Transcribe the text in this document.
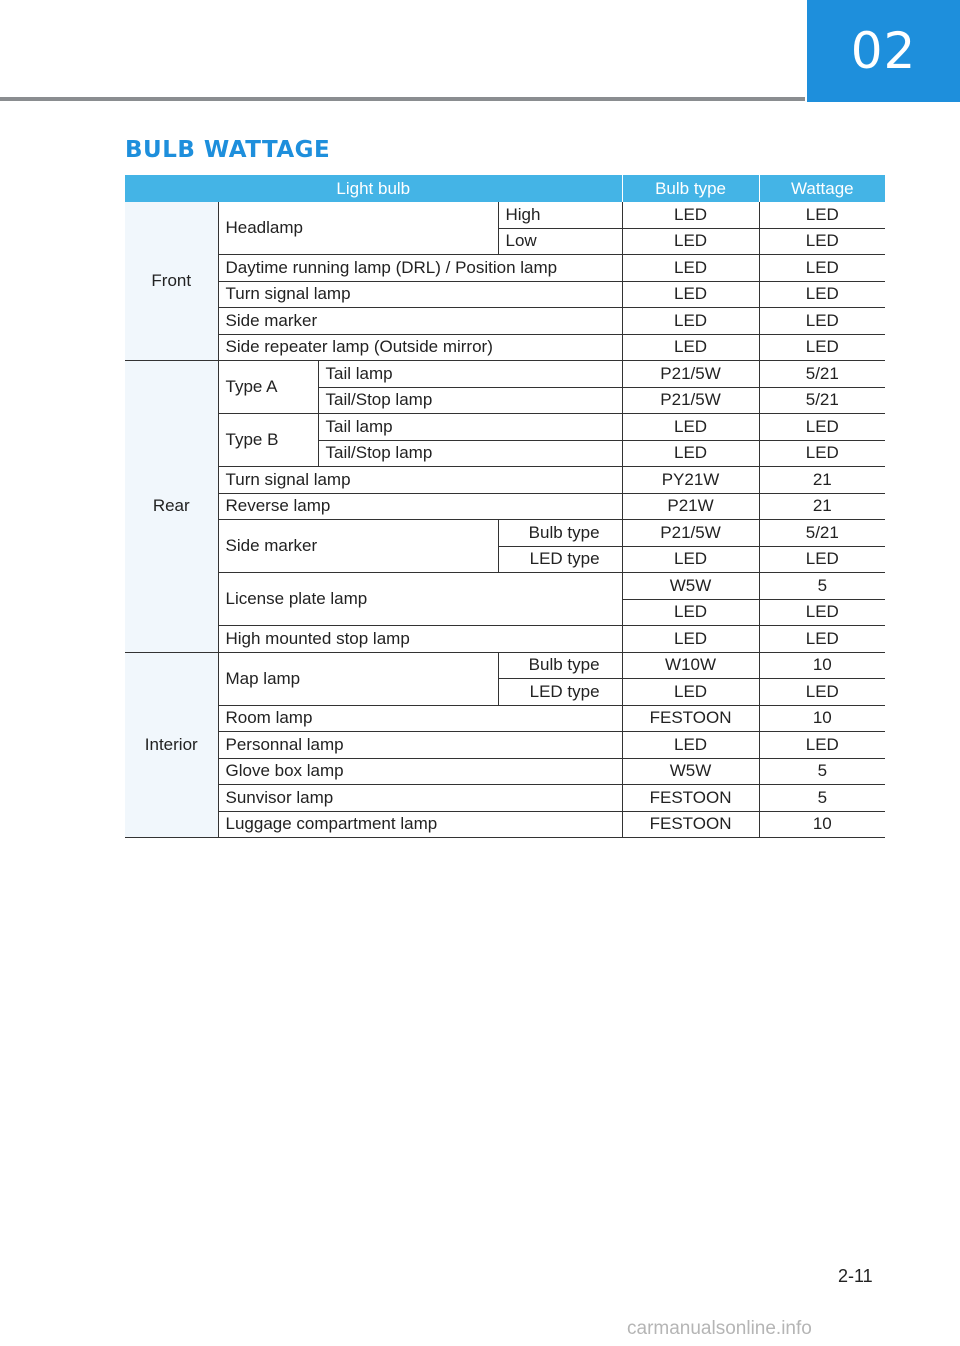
02
BULB WATTAGE
Light bulb				Bulb type	Wattage
Front	Headlamp		High	LED	LED
			Low	LED	LED
	Daytime running lamp (DRL) / Position lamp			LED	LED
	Turn signal lamp			LED	LED
	Side marker			LED	LED
	Side repeater lamp (Outside mirror)			LED	LED
Rear	Type A	Tail lamp		P21/5W	5/21
		Tail/Stop lamp		P21/5W	5/21
	Type B	Tail lamp		LED	LED
		Tail/Stop lamp		LED	LED
	Turn signal lamp			PY21W	21
	Reverse lamp			P21W	21
	Side marker		Bulb type	P21/5W	5/21
			LED type	LED	LED
	License plate lamp			W5W	5
				LED	LED
	High mounted stop lamp			LED	LED
Interior	Map lamp		Bulb type	W10W	10
			LED type	LED	LED
	Room lamp			FESTOON	10
	Personnal lamp			LED	LED
	Glove box lamp			W5W	5
	Sunvisor lamp			FESTOON	5
	Luggage compartment lamp			FESTOON	10
2-11
carmanualsonline.info
